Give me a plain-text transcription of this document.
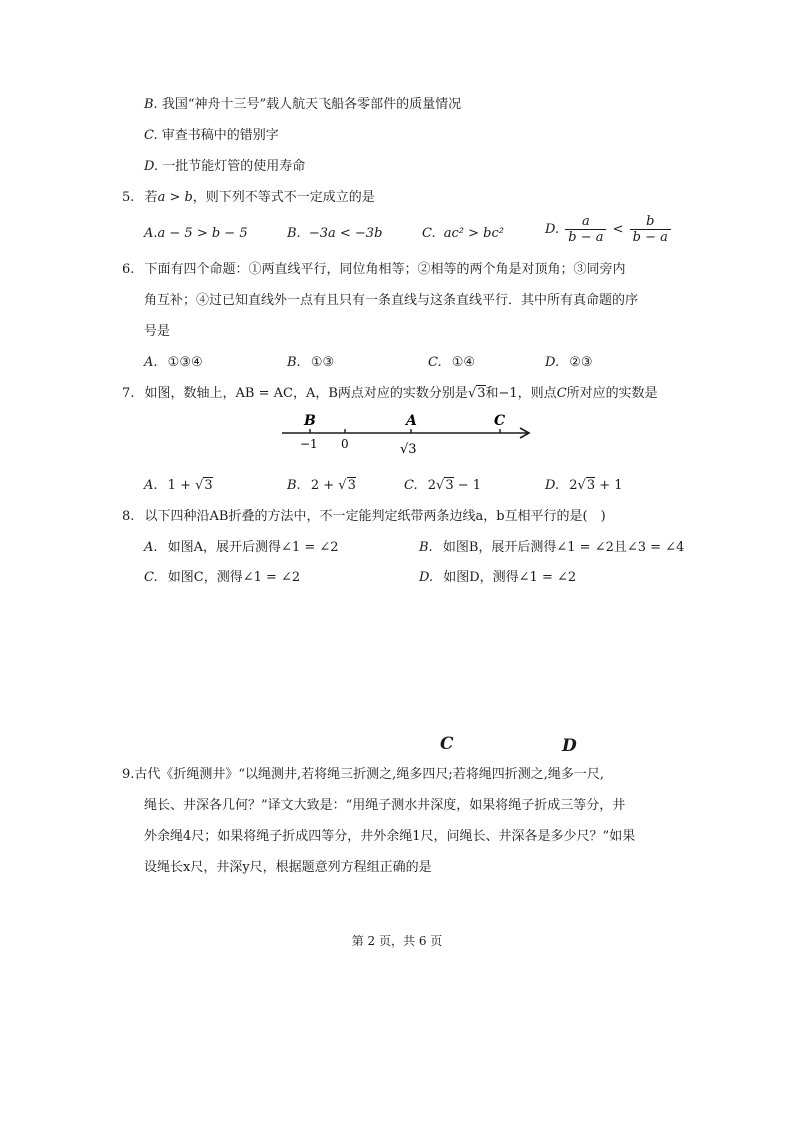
B. 我国“神舟十三号”载人航天飞船各零部件的质量情况
C. 审查书稿中的错别字
D. 一批节能灯管的使用寿命
5. 若a > b，则下列不等式不一定成立的是
A.a − 5 > b − 5	B. −3a < −3b	C. ac² > bc²	D. $\frac{a}{b - a} < \frac{b}{b - a}$
6. 下面有四个命题：①两直线平行，同位角相等；②相等的两个角是对顶角；③同旁内
角互补；④过已知直线外一点有且只有一条直线与这条直线平行．其中所有真命题的序
号是
A. ①③④	B. ①③	C. ①④	D. ②③
7. 如图，数轴上，AB = AC，A，B两点对应的实数分别是√3和−1，则点C所对应的实数是
B	A	C
−1 0	√3
A. 1 + √3	B. 2 + √3	C. 2√3 − 1	D. 2√3 + 1
8. 以下四种沿AB折叠的方法中，不一定能判定纸带两条边线a，b互相平行的是(　)
A. 如图A，展开后测得∠1 = ∠2	B. 如图B，展开后测得∠1 = ∠2且∠3 = ∠4
C. 如图C，测得∠1 = ∠2	D. 如图D，测得∠1 = ∠2
C	D
9.古代《折绳测井》“以绳测井,若将绳三折测之,绳多四尺;若将绳四折测之,绳多一尺,
绳长、井深各几何？”译文大致是：“用绳子测水井深度，如果将绳子折成三等分，井
外余绳4尺；如果将绳子折成四等分，井外余绳1尺，问绳长、井深各是多少尺？”如果
设绳长x尺，井深y尺，根据题意列方程组正确的是
第 2 页，共 6 页
